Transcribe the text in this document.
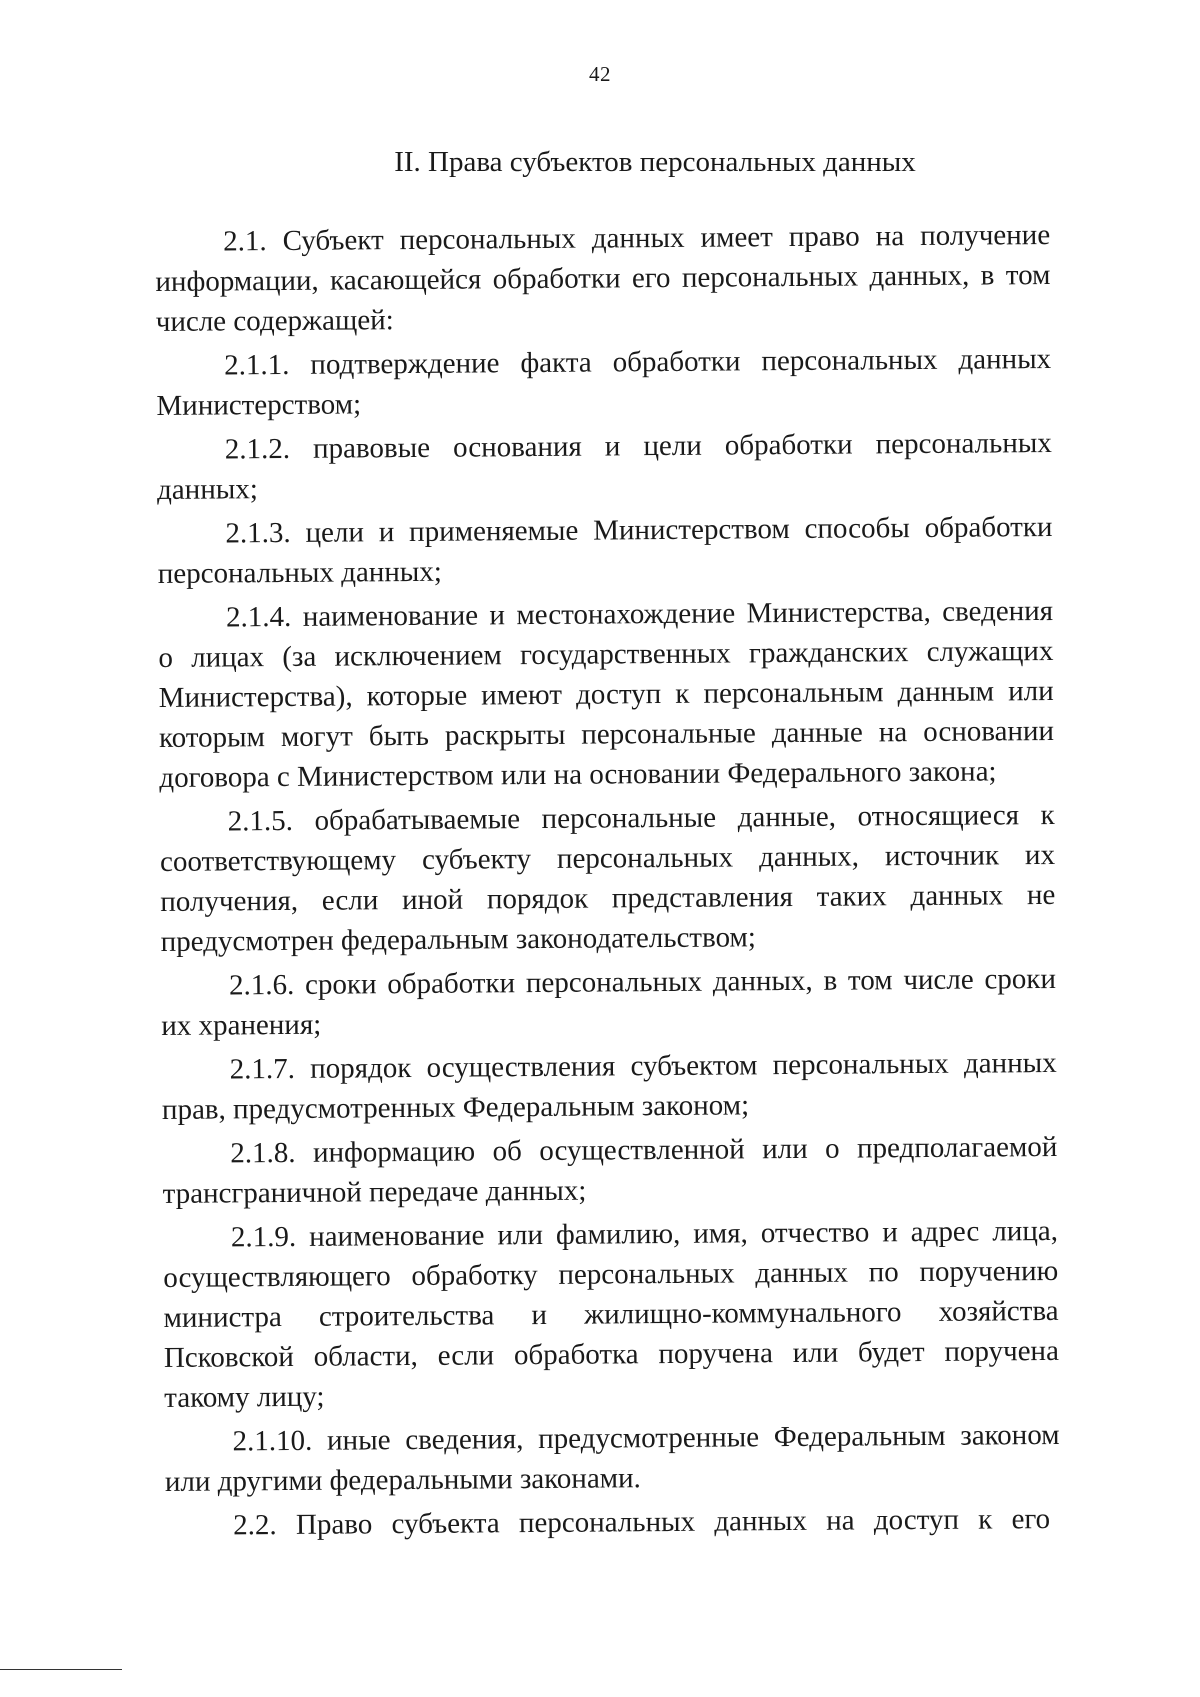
42
II. Права субъектов персональных данных

2.1. Субъект персональных данных имеет право на получение информации, касающейся обработки его персональных данных, в том числе содержащей:

2.1.1. подтверждение факта обработки персональных данных Министерством;

2.1.2. правовые основания и цели обработки персональных данных;

2.1.3. цели и применяемые Министерством способы обработки персональных данных;

2.1.4. наименование и местонахождение Министерства, сведения о лицах (за исключением государственных гражданских служащих Министерства), которые имеют доступ к персональным данным или которым могут быть раскрыты персональные данные на основании договора с Министерством или на основании Федерального закона;

2.1.5. обрабатываемые персональные данные, относящиеся к соответствующему субъекту персональных данных, источник их получения, если иной порядок представления таких данных не предусмотрен федеральным законодательством;

2.1.6. сроки обработки персональных данных, в том числе сроки их хранения;

2.1.7. порядок осуществления субъектом персональных данных прав, предусмотренных Федеральным законом;

2.1.8. информацию об осуществленной или о предполагаемой трансграничной передаче данных;

2.1.9. наименование или фамилию, имя, отчество и адрес лица, осуществляющего обработку персональных данных по поручению министра строительства и жилищно-коммунального хозяйства Псковской области, если обработка поручена или будет поручена такому лицу;

2.1.10. иные сведения, предусмотренные Федеральным законом или другими федеральными законами.

2.2. Право субъекта персональных данных на доступ к его
